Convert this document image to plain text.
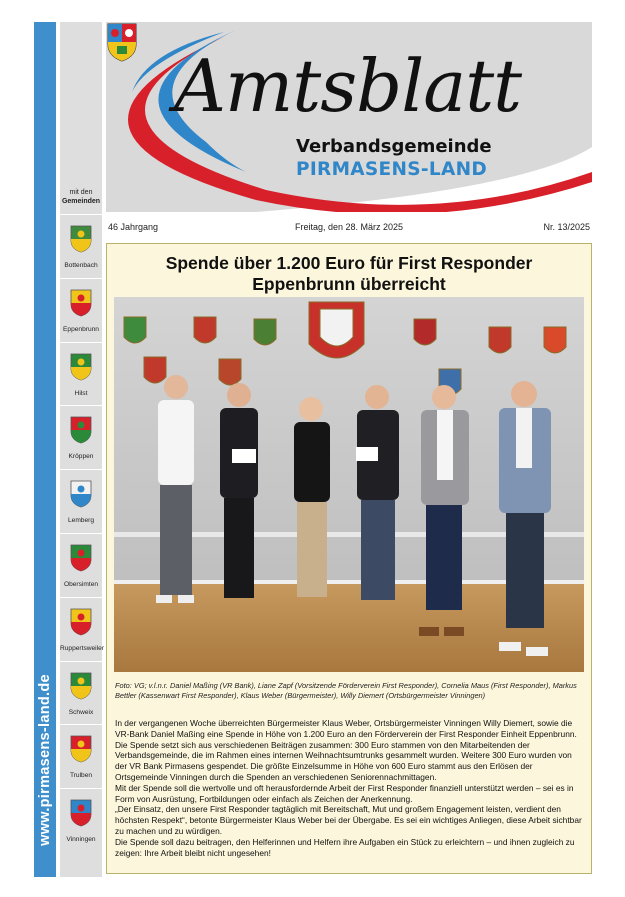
www.pirmasens-land.de
mit den
Gemeinden
Bottenbach
Eppenbrunn
Hilst
Kröppen
Lemberg
Obersimten
Ruppertsweiler
Schweix
Trulben
Vinningen
Amtsblatt
Verbandsgemeinde
PIRMASENS-LAND
46 Jahrgang	Freitag, den 28. März 2025	Nr. 13/2025
Spende über 1.200 Euro für First Responder
Eppenbrunn überreicht
Foto: VG; v.l.n.r. Daniel Maßing (VR Bank), Liane Zapf (Vorsitzende Förderverein First Responder), Cornelia Maus (First Responder), Markus Bettler (Kassenwart First Responder), Klaus Weber (Bürgermeister), Willy Diemert (Ortsbürgermeister Vinningen)

In der vergangenen Woche überreichten Bürgermeister Klaus Weber, Ortsbürgermeister Vinningen Willy Diemert, sowie die VR-Bank Daniel Maßing eine Spende in Höhe von 1.200 Euro an den Förderverein der First Responder Einheit Eppenbrunn.

Die Spende setzt sich aus verschiedenen Beiträgen zusammen: 300 Euro stammen von den Mitarbeitenden der Verbandsgemeinde, die im Rahmen eines internen Weihnachtsumtrunks gesammelt wurden. Weitere 300 Euro wurden von der VR Bank Pirmasens gespendet. Die größte Einzelsumme in Höhe von 600 Euro stammt aus den Erlösen der Ortsgemeinde Vinningen durch die Spenden an verschiedenen Seniorennachmittagen.

Mit der Spende soll die wertvolle und oft herausfordernde Arbeit der First Responder finanziell unterstützt werden – sei es in Form von Ausrüstung, Fortbildungen oder einfach als Zeichen der Anerkennung.

„Der Einsatz, den unsere First Responder tagtäglich mit Bereitschaft, Mut und großem Engagement leisten, verdient den höchsten Respekt“, betonte Bürgermeister Klaus Weber bei der Übergabe. Es sei ein wichtiges Anliegen, diese Arbeit sichtbar zu machen und zu würdigen.

Die Spende soll dazu beitragen, den Helferinnen und Helfern ihre Aufgaben ein Stück zu erleichtern – und ihnen zugleich zu zeigen: Ihre Arbeit bleibt nicht ungesehen!
